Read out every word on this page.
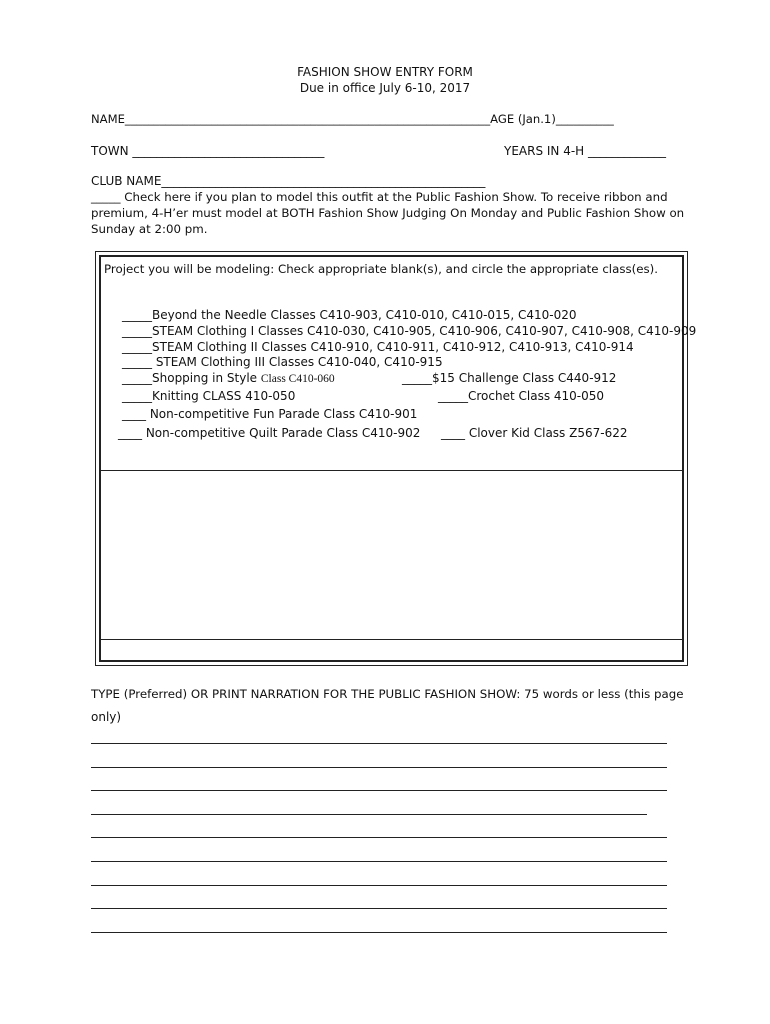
FASHION SHOW ENTRY FORM
Due in office July 6-10, 2017
NAME_______________________________________________________________AGE (Jan.1)__________
TOWN ________________________________	YEARS IN 4-H _____________
CLUB NAME______________________________________________________
_____ Check here if you plan to model this outfit at the Public Fashion Show. To receive ribbon and
premium, 4-H’er must model at BOTH Fashion Show Judging On Monday and Public Fashion Show on
Sunday at 2:00 pm.
Project you will be modeling: Check appropriate blank(s), and circle the appropriate class(es).
_____Beyond the Needle Classes C410-903, C410-010, C410-015, C410-020
_____STEAM Clothing I Classes C410-030, C410-905, C410-906, C410-907, C410-908, C410-909
_____STEAM Clothing II Classes C410-910, C410-911, C410-912, C410-913, C410-914
_____ STEAM Clothing III Classes C410-040, C410-915
_____Shopping in Style Class C410-060	_____$15 Challenge Class C440-912
_____Knitting CLASS 410-050	_____Crochet Class 410-050
____ Non-competitive Fun Parade Class C410-901
____ Non-competitive Quilt Parade Class C410-902 ____ Clover Kid Class Z567-622
TYPE (Preferred) OR PRINT NARRATION FOR THE PUBLIC FASHION SHOW: 75 words or less (this page
only)
